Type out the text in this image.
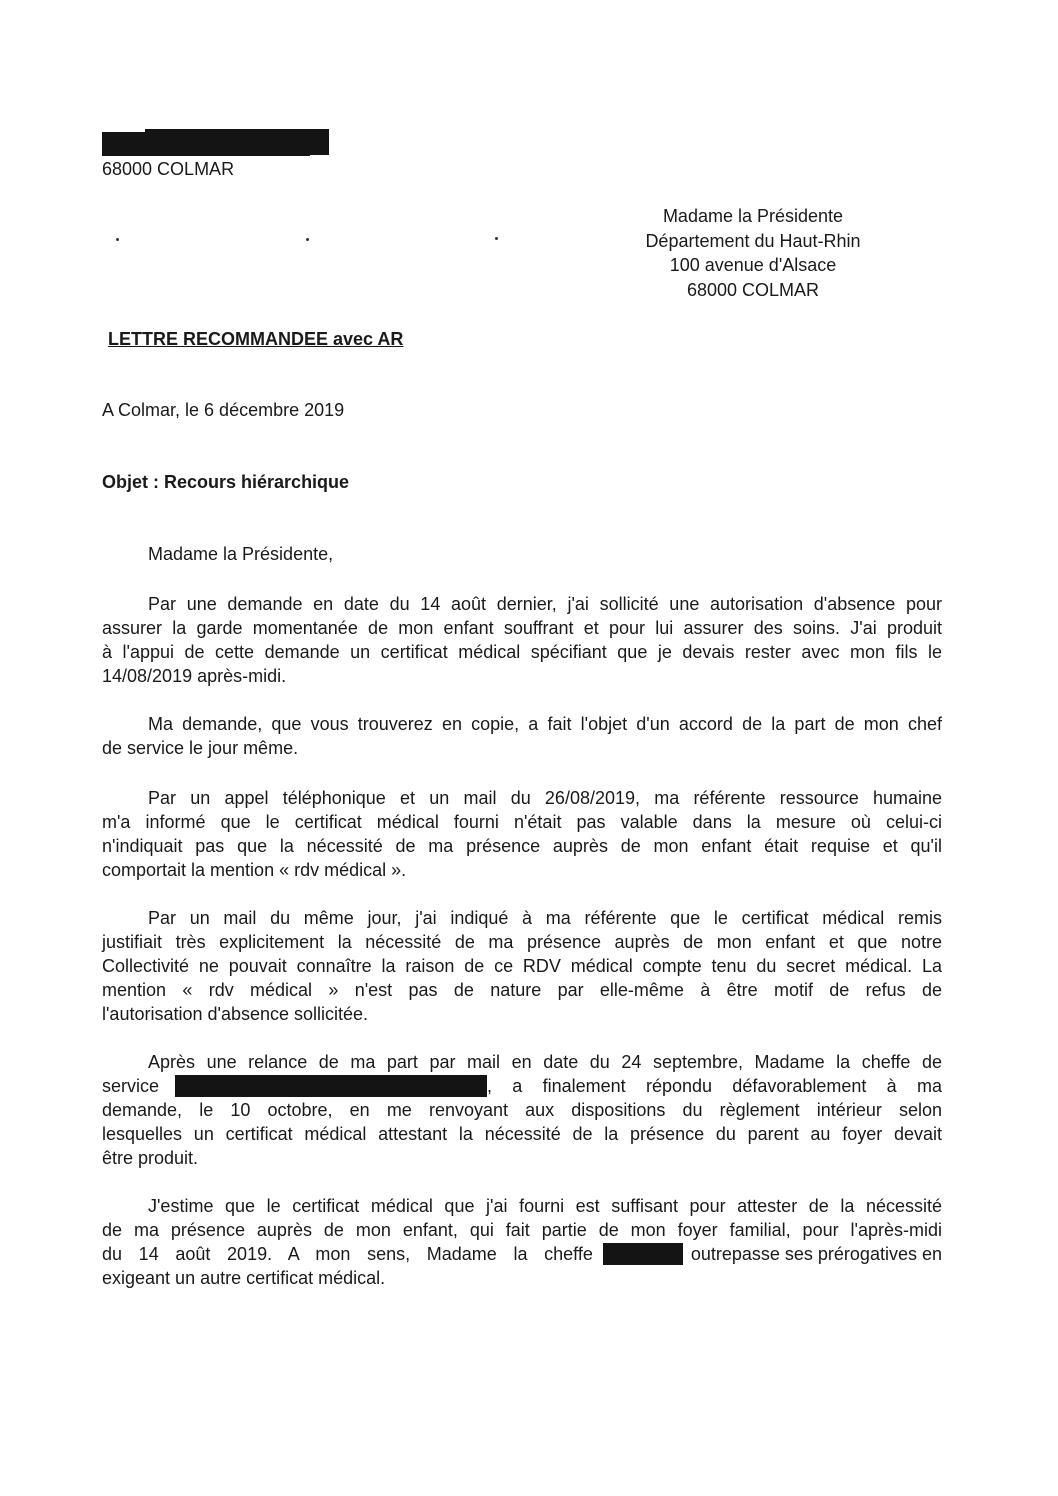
68000 COLMAR
Madame la Présidente
Département du Haut-Rhin
100 avenue d'Alsace
68000 COLMAR
LETTRE RECOMMANDEE avec AR
A Colmar, le 6 décembre 2019
Objet : Recours hiérarchique
Madame la Présidente,
Par une demande en date du 14 août dernier, j'ai sollicité une autorisation d'absence pour
assurer la garde momentanée de mon enfant souffrant et pour lui assurer des soins. J'ai produit
à l'appui de cette demande un certificat médical spécifiant que je devais rester avec mon fils le
14/08/2019 après-midi.
Ma demande, que vous trouverez en copie, a fait l'objet d'un accord de la part de mon chef
de service le jour même.
Par un appel téléphonique et un mail du 26/08/2019, ma référente ressource humaine
m'a informé que le certificat médical fourni n'était pas valable dans la mesure où celui-ci
n'indiquait pas que la nécessité de ma présence auprès de mon enfant était requise et qu'il
comportait la mention « rdv médical ».
Par un mail du même jour, j'ai indiqué à ma référente que le certificat médical remis
justifiait très explicitement la nécessité de ma présence auprès de mon enfant et que notre
Collectivité ne pouvait connaître la raison de ce RDV médical compte tenu du secret médical. La
mention « rdv médical » n'est pas de nature par elle-même à être motif de refus de
l'autorisation d'absence sollicitée.
Après une relance de ma part par mail en date du 24 septembre, Madame la cheffe de
service	, a finalement répondu défavorablement à ma
demande, le 10 octobre, en me renvoyant aux dispositions du règlement intérieur selon
lesquelles un certificat médical attestant la nécessité de la présence du parent au foyer devait
être produit.
J'estime que le certificat médical que j'ai fourni est suffisant pour attester de la nécessité
de ma présence auprès de mon enfant, qui fait partie de mon foyer familial, pour l'après-midi
du 14 août 2019. A mon sens, Madame la cheffe	outrepasse ses prérogatives en
exigeant un autre certificat médical.
